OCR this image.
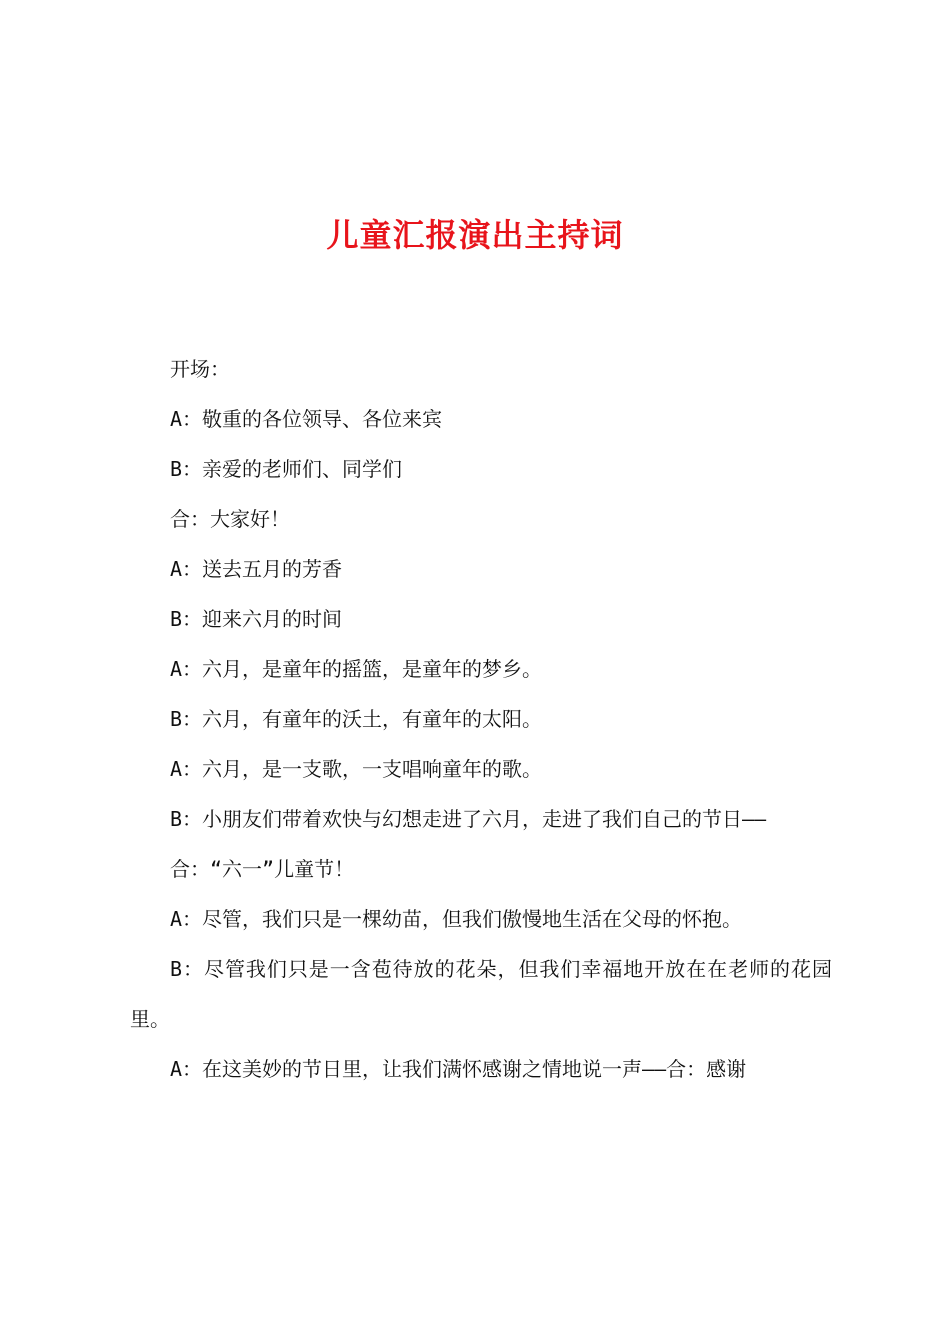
儿童汇报演出主持词

开场：

A：敬重的各位领导、各位来宾

B：亲爱的老师们、同学们

合：大家好！

A：送去五月的芳香

B：迎来六月的时间

A：六月，是童年的摇篮，是童年的梦乡。

B：六月，有童年的沃土，有童年的太阳。

A：六月，是一支歌，一支唱响童年的歌。

B：小朋友们带着欢快与幻想走进了六月，走进了我们自己的节日——

合：“六一”儿童节！

A：尽管，我们只是一棵幼苗，但我们傲慢地生活在父母的怀抱。

B：尽管我们只是一含苞待放的花朵，但我们幸福地开放在在老师的花园里。

A：在这美妙的节日里，让我们满怀感谢之情地说一声——合：感谢
